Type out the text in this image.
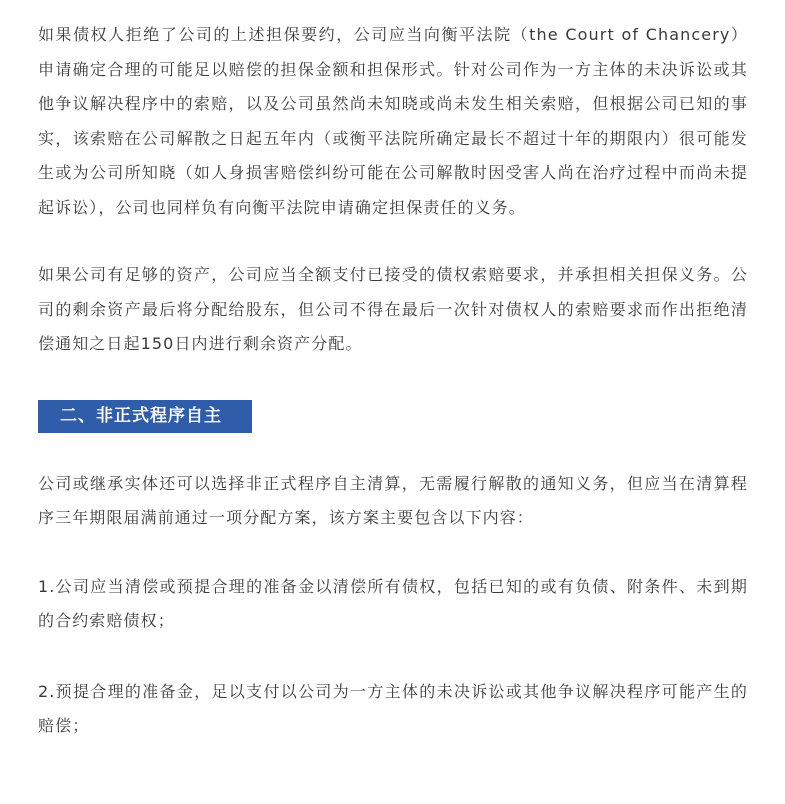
如果债权人拒绝了公司的上述担保要约，公司应当向衡平法院（the Court of Chancery）申请确定合理的可能足以赔偿的担保金额和担保形式。针对公司作为一方主体的未决诉讼或其他争议解决程序中的索赔，以及公司虽然尚未知晓或尚未发生相关索赔，但根据公司已知的事实，该索赔在公司解散之日起五年内（或衡平法院所确定最长不超过十年的期限内）很可能发生或为公司所知晓（如人身损害赔偿纠纷可能在公司解散时因受害人尚在治疗过程中而尚未提起诉讼），公司也同样负有向衡平法院申请确定担保责任的义务。

如果公司有足够的资产，公司应当全额支付已接受的债权索赔要求，并承担相关担保义务。公司的剩余资产最后将分配给股东，但公司不得在最后一次针对债权人的索赔要求而作出拒绝清偿通知之日起150日内进行剩余资产分配。

二、非正式程序自主清算

公司或继承实体还可以选择非正式程序自主清算，无需履行解散的通知义务，但应当在清算程序三年期限届满前通过一项分配方案，该方案主要包含以下内容：

1.公司应当清偿或预提合理的准备金以清偿所有债权，包括已知的或有负债、附条件、未到期的合约索赔债权；

2.预提合理的准备金，足以支付以公司为一方主体的未决诉讼或其他争议解决程序可能产生的赔偿；
